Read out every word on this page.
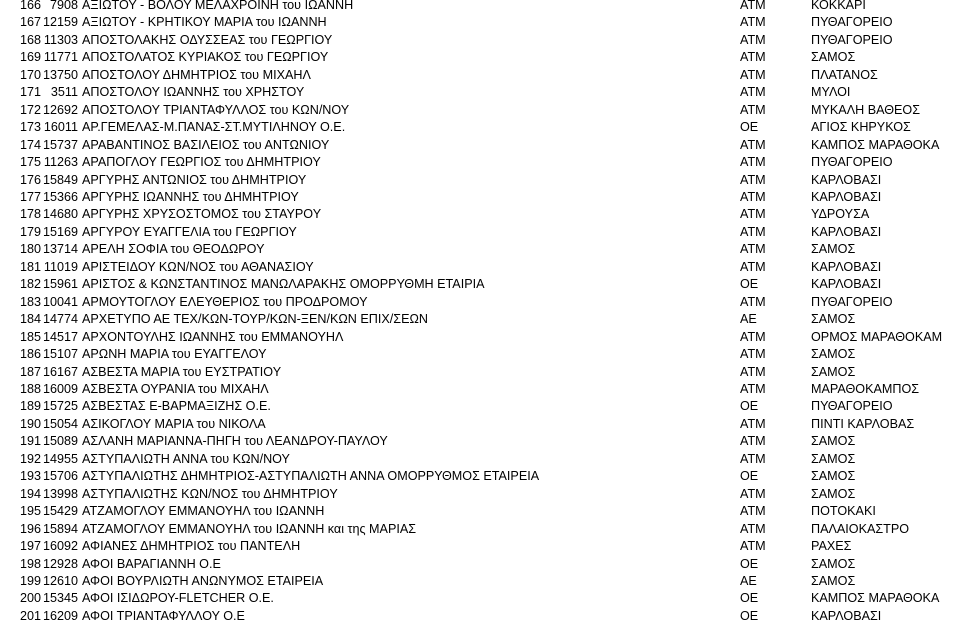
166	7908	ΑΞΙΩΤΟΥ - ΒΟΛΟΥ ΜΕΛΑΧΡΟΙΝΗ του ΙΩΑΝΝΗ	ΑΤΜ	ΚΟΚΚΑΡΙ
167	12159	ΑΞΙΩΤΟΥ - ΚΡΗΤΙΚΟΥ ΜΑΡΙΑ του ΙΩΑΝΝΗ	ΑΤΜ	ΠΥΘΑΓΟΡΕΙΟ
168	11303	ΑΠΟΣΤΟΛΑΚΗΣ ΟΔΥΣΣΕΑΣ του ΓΕΩΡΓΙΟΥ	ΑΤΜ	ΠΥΘΑΓΟΡΕΙΟ
169	11771	ΑΠΟΣΤΟΛΑΤΟΣ ΚΥΡΙΑΚΟΣ του ΓΕΩΡΓΙΟΥ	ΑΤΜ	ΣΑΜΟΣ
170	13750	ΑΠΟΣΤΟΛΟΥ ΔΗΜΗΤΡΙΟΣ του ΜΙΧΑΗΛ	ΑΤΜ	ΠΛΑΤΑΝΟΣ
171	3511	ΑΠΟΣΤΟΛΟΥ ΙΩΑΝΝΗΣ του ΧΡΗΣΤΟΥ	ΑΤΜ	ΜΥΛΟΙ
172	12692	ΑΠΟΣΤΟΛΟΥ ΤΡΙΑΝΤΑΦΥΛΛΟΣ του ΚΩΝ/ΝΟΥ	ΑΤΜ	ΜΥΚΑΛΗ ΒΑΘΕΟΣ
173	16011	ΑΡ.ΓΕΜΕΛΑΣ-Μ.ΠΑΝΑΣ-ΣΤ.ΜΥΤΙΛΗΝΟΥ Ο.Ε.	ΟΕ	ΑΓΙΟΣ ΚΗΡΥΚΟΣ
174	15737	ΑΡΑΒΑΝΤΙΝΟΣ ΒΑΣΙΛΕΙΟΣ του ΑΝΤΩΝΙΟΥ	ΑΤΜ	ΚΑΜΠΟΣ ΜΑΡΑΘΟΚΑ
175	11263	ΑΡΑΠΟΓΛΟΥ ΓΕΩΡΓΙΟΣ του ΔΗΜΗΤΡΙΟΥ	ΑΤΜ	ΠΥΘΑΓΟΡΕΙΟ
176	15849	ΑΡΓΥΡΗΣ ΑΝΤΩΝΙΟΣ του ΔΗΜΗΤΡΙΟΥ	ΑΤΜ	ΚΑΡΛΟΒΑΣΙ
177	15366	ΑΡΓΥΡΗΣ ΙΩΑΝΝΗΣ του ΔΗΜΗΤΡΙΟΥ	ΑΤΜ	ΚΑΡΛΟΒΑΣΙ
178	14680	ΑΡΓΥΡΗΣ ΧΡΥΣΟΣΤΟΜΟΣ του ΣΤΑΥΡΟΥ	ΑΤΜ	ΥΔΡΟΥΣΑ
179	15169	ΑΡΓΥΡΟΥ ΕΥΑΓΓΕΛΙΑ του ΓΕΩΡΓΙΟΥ	ΑΤΜ	ΚΑΡΛΟΒΑΣΙ
180	13714	ΑΡΕΛΗ ΣΟΦΙΑ του ΘΕΟΔΩΡΟΥ	ΑΤΜ	ΣΑΜΟΣ
181	11019	ΑΡΙΣΤΕΙΔΟΥ ΚΩΝ/ΝΟΣ του ΑΘΑΝΑΣΙΟΥ	ΑΤΜ	ΚΑΡΛΟΒΑΣΙ
182	15961	ΑΡΙΣΤΟΣ & ΚΩΝΣΤΑΝΤΙΝΟΣ ΜΑΝΩΛΑΡΑΚΗΣ ΟΜΟΡΡΥΘΜΗ ΕΤΑΙΡΙΑ	ΟΕ	ΚΑΡΛΟΒΑΣΙ
183	10041	ΑΡΜΟΥΤΟΓΛΟΥ ΕΛΕΥΘΕΡΙΟΣ του ΠΡΟΔΡΟΜΟΥ	ΑΤΜ	ΠΥΘΑΓΟΡΕΙΟ
184	14774	ΑΡΧΕΤΥΠΟ ΑΕ ΤΕΧ/ΚΩΝ-ΤΟΥΡ/ΚΩΝ-ΞΕΝ/ΚΩΝ ΕΠΙΧ/ΣΕΩΝ	ΑΕ	ΣΑΜΟΣ
185	14517	ΑΡΧΟΝΤΟΥΛΗΣ ΙΩΑΝΝΗΣ του ΕΜΜΑΝΟΥΗΛ	ΑΤΜ	ΟΡΜΟΣ ΜΑΡΑΘΟΚΑΜ
186	15107	ΑΡΩΝΗ ΜΑΡΙΑ του ΕΥΑΓΓΕΛΟΥ	ΑΤΜ	ΣΑΜΟΣ
187	16167	ΑΣΒΕΣΤΑ ΜΑΡΙΑ του ΕΥΣΤΡΑΤΙΟΥ	ΑΤΜ	ΣΑΜΟΣ
188	16009	ΑΣΒΕΣΤΑ ΟΥΡΑΝΙΑ του ΜΙΧΑΗΛ	ΑΤΜ	ΜΑΡΑΘΟΚΑΜΠΟΣ
189	15725	ΑΣΒΕΣΤΑΣ Ε-ΒΑΡΜΑΞΙΖΗΣ Ο.Ε.	ΟΕ	ΠΥΘΑΓΟΡΕΙΟ
190	15054	ΑΣΙΚΟΓΛΟΥ ΜΑΡΙΑ του ΝΙΚΟΛΑ	ΑΤΜ	ΠΙΝΤΙ ΚΑΡΛΟΒΑΣ
191	15089	ΑΣΛΑΝΗ ΜΑΡΙΑΝΝΑ-ΠΗΓΗ του ΛΕΑΝΔΡΟΥ-ΠΑΥΛΟΥ	ΑΤΜ	ΣΑΜΟΣ
192	14955	ΑΣΤΥΠΑΛΙΩΤΗ ΑΝΝΑ του ΚΩΝ/ΝΟΥ	ΑΤΜ	ΣΑΜΟΣ
193	15706	ΑΣΤΥΠΑΛΙΩΤΗΣ ΔΗΜΗΤΡΙΟΣ-ΑΣΤΥΠΑΛΙΩΤΗ ΑΝΝΑ ΟΜΟΡΡΥΘΜΟΣ ΕΤΑΙΡΕΙΑ	ΟΕ	ΣΑΜΟΣ
194	13998	ΑΣΤΥΠΑΛΙΩΤΗΣ ΚΩΝ/ΝΟΣ του ΔΗΜΗΤΡΙΟΥ	ΑΤΜ	ΣΑΜΟΣ
195	15429	ΑΤΖΑΜΟΓΛΟΥ ΕΜΜΑΝΟΥΗΛ του ΙΩΑΝΝΗ	ΑΤΜ	ΠΟΤΟΚΑΚΙ
196	15894	ΑΤΖΑΜΟΓΛΟΥ ΕΜΜΑΝΟΥΗΛ του ΙΩΑΝΝΗ και της ΜΑΡΙΑΣ	ΑΤΜ	ΠΑΛΑΙΟΚΑΣΤΡΟ
197	16092	ΑΦΙΑΝΕΣ ΔΗΜΗΤΡΙΟΣ του ΠΑΝΤΕΛΗ	ΑΤΜ	ΡΑΧΕΣ
198	12928	ΑΦΟΙ ΒΑΡΑΓΙΑΝΝΗ Ο.Ε	ΟΕ	ΣΑΜΟΣ
199	12610	ΑΦΟΙ ΒΟΥΡΛΙΩΤΗ ΑΝΩΝΥΜΟΣ ΕΤΑΙΡΕΙΑ	ΑΕ	ΣΑΜΟΣ
200	15345	ΑΦΟΙ ΙΣΙΔΩΡΟΥ-FLETCHER Ο.Ε.	ΟΕ	ΚΑΜΠΟΣ ΜΑΡΑΘΟΚΑ
201	16209	ΑΦΟΙ ΤΡΙΑΝΤΑΦΥΛΛΟΥ Ο.Ε	ΟΕ	ΚΑΡΛΟΒΑΣΙ
